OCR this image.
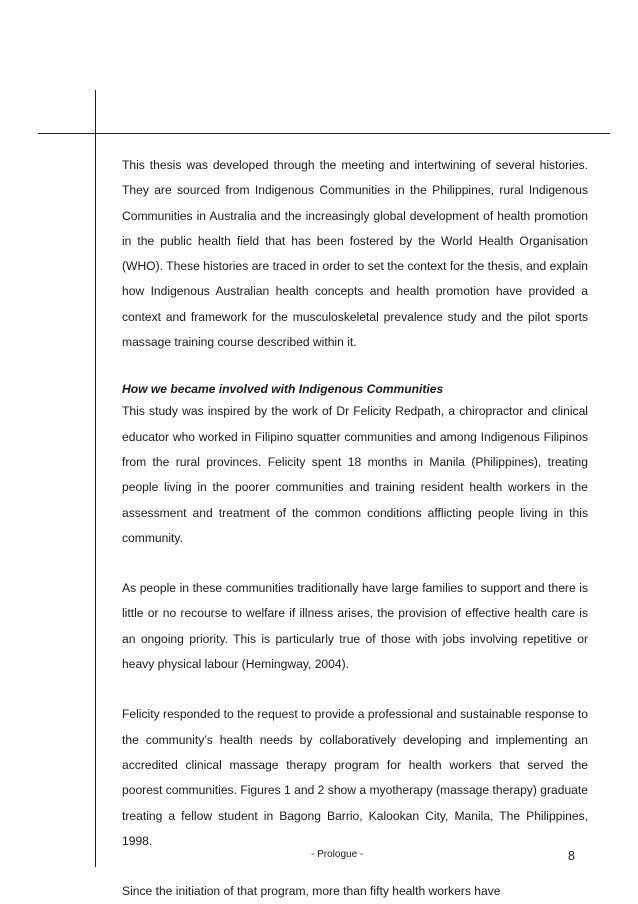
This thesis was developed through the meeting and intertwining of several histories. They are sourced from Indigenous Communities in the Philippines, rural Indigenous Communities in Australia and the increasingly global development of health promotion in the public health field that has been fostered by the World Health Organisation (WHO). These histories are traced in order to set the context for the thesis, and explain how Indigenous Australian health concepts and health promotion have provided a context and framework for the musculoskeletal prevalence study and the pilot sports massage training course described within it.

How we became involved with Indigenous Communities

This study was inspired by the work of Dr Felicity Redpath, a chiropractor and clinical educator who worked in Filipino squatter communities and among Indigenous Filipinos from the rural provinces. Felicity spent 18 months in Manila (Philippines), treating people living in the poorer communities and training resident health workers in the assessment and treatment of the common conditions afflicting people living in this community.

As people in these communities traditionally have large families to support and there is little or no recourse to welfare if illness arises, the provision of effective health care is an ongoing priority. This is particularly true of those with jobs involving repetitive or heavy physical labour (Hemingway, 2004).

Felicity responded to the request to provide a professional and sustainable response to the community’s health needs by collaboratively developing and implementing an accredited clinical massage therapy program for health workers that served the poorest communities. Figures 1 and 2 show a myotherapy (massage therapy) graduate treating a fellow student in Bagong Barrio, Kalookan City, Manila, The Philippines, 1998.

Since the initiation of that program, more than fifty health workers have

- Prologue -	8
